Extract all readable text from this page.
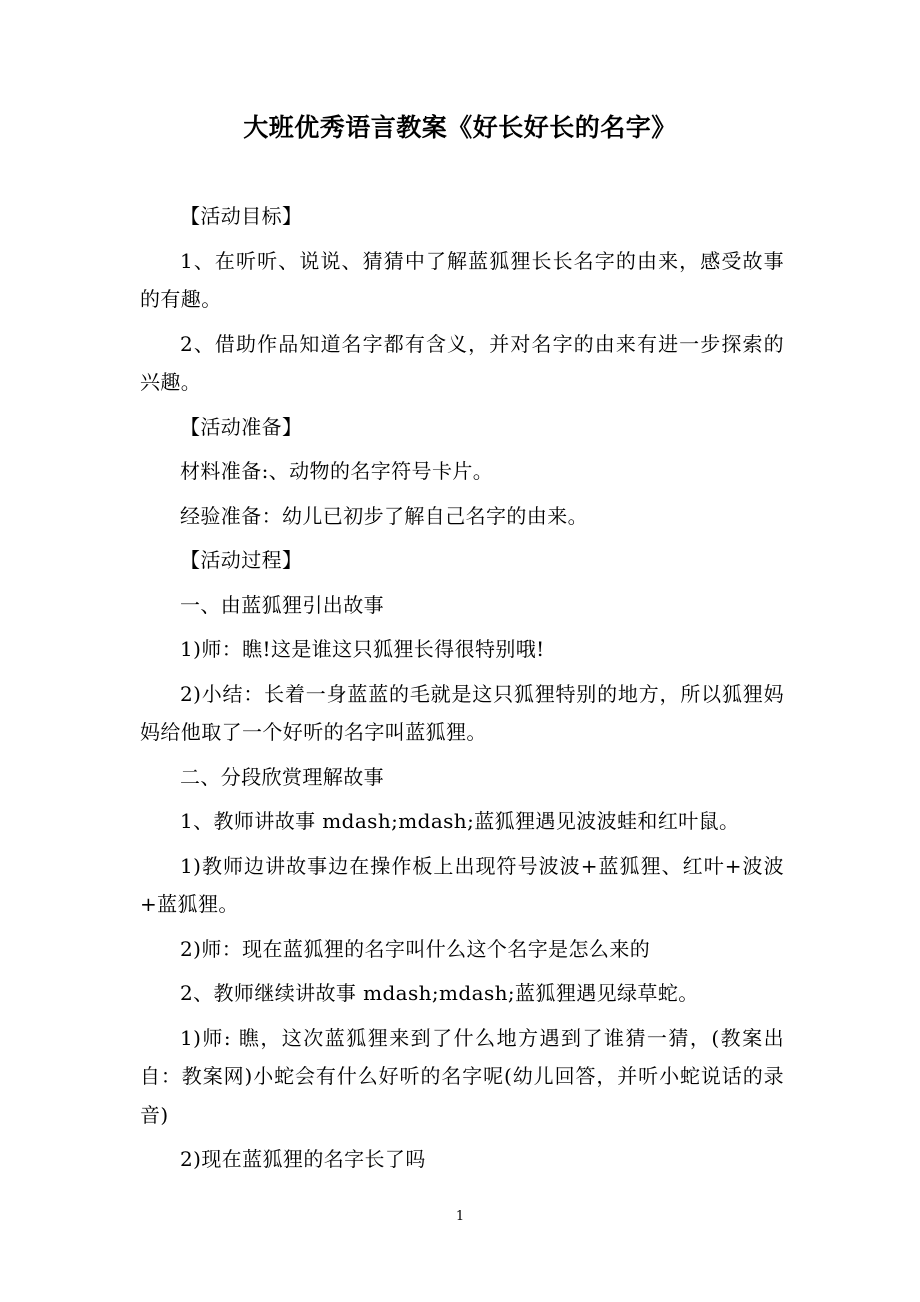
大班优秀语言教案《好长好长的名字》

【活动目标】

1、在听听、说说、猜猜中了解蓝狐狸长长名字的由来，感受故事的有趣。

2、借助作品知道名字都有含义，并对名字的由来有进一步探索的兴趣。

【活动准备】

材料准备:、动物的名字符号卡片。

经验准备：幼儿已初步了解自己名字的由来。

【活动过程】

一、由蓝狐狸引出故事

1)师：瞧!这是谁这只狐狸长得很特别哦!

2)小结：长着一身蓝蓝的毛就是这只狐狸特别的地方，所以狐狸妈妈给他取了一个好听的名字叫蓝狐狸。

二、分段欣赏理解故事

1、教师讲故事 mdash;mdash;蓝狐狸遇见波波蛙和红叶鼠。

1)教师边讲故事边在操作板上出现符号波波+蓝狐狸、红叶+波波+蓝狐狸。

2)师：现在蓝狐狸的名字叫什么这个名字是怎么来的

2、教师继续讲故事 mdash;mdash;蓝狐狸遇见绿草蛇。

1)师: 瞧，这次蓝狐狸来到了什么地方遇到了谁猜一猜，(教案出自：教案网)小蛇会有什么好听的名字呢(幼儿回答，并听小蛇说话的录音)

2)现在蓝狐狸的名字长了吗

1
